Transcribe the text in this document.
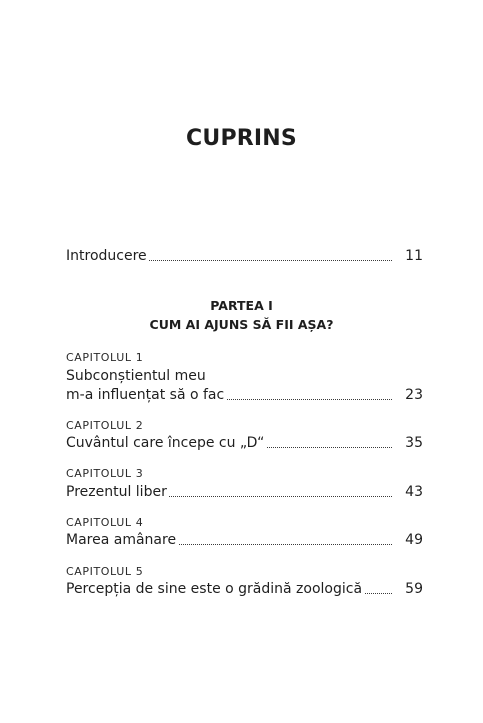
CUPRINS
Introducere	11
PARTEA I
CUM AI AJUNS SĂ FII AȘA?
CAPITOLUL 1
Subconștientul meu
m-a influențat să o fac	23
CAPITOLUL 2
Cuvântul care începe cu „D“	35
CAPITOLUL 3
Prezentul liber	43
CAPITOLUL 4
Marea amânare	49
CAPITOLUL 5
Percepția de sine este o grădină zoologică	59
